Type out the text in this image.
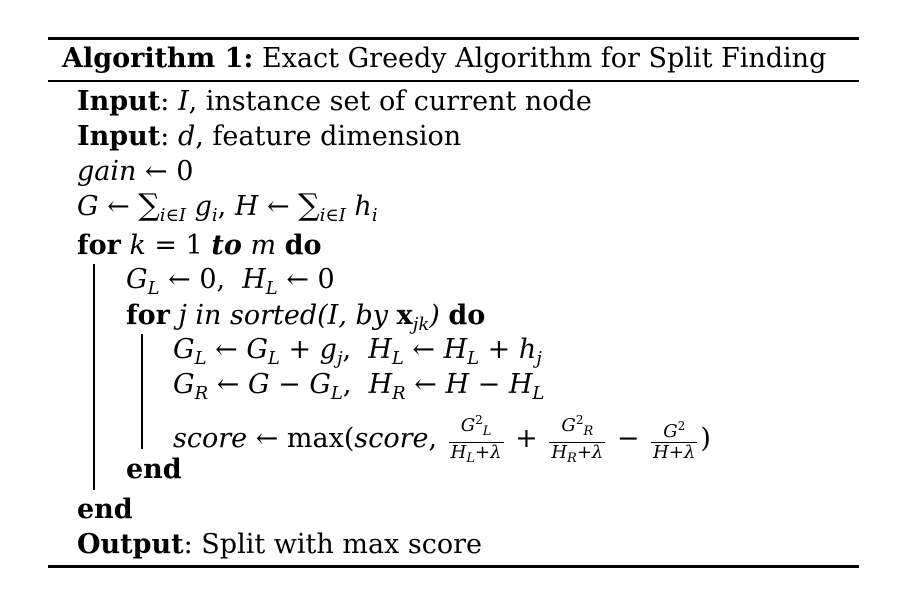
Algorithm 1: Exact Greedy Algorithm for Split Finding
Input: I, instance set of current node
Input: d, feature dimension
gain ← 0
G ← $\sum_{i\in I}$ $g_i$, H ← $\sum_{i\in I}$ $h_i$
for k = 1 to m do
$G_L$ ← 0,  $H_L$ ← 0
for j in sorted(I, by $x_{jk}$) do
$G_L$ ← $G_L + g_j$,  $H_L$ ← $H_L + h_j$
$G_R$ ← $G - G_L$,  $H_R$ ← $H - H_L$
score ← max(score, $\frac{G^2_L}{H_L+\lambda} + \frac{G^2_R}{H_R+\lambda} - \frac{G^2}{H+\lambda}$ )
end
end
Output: Split with max score
